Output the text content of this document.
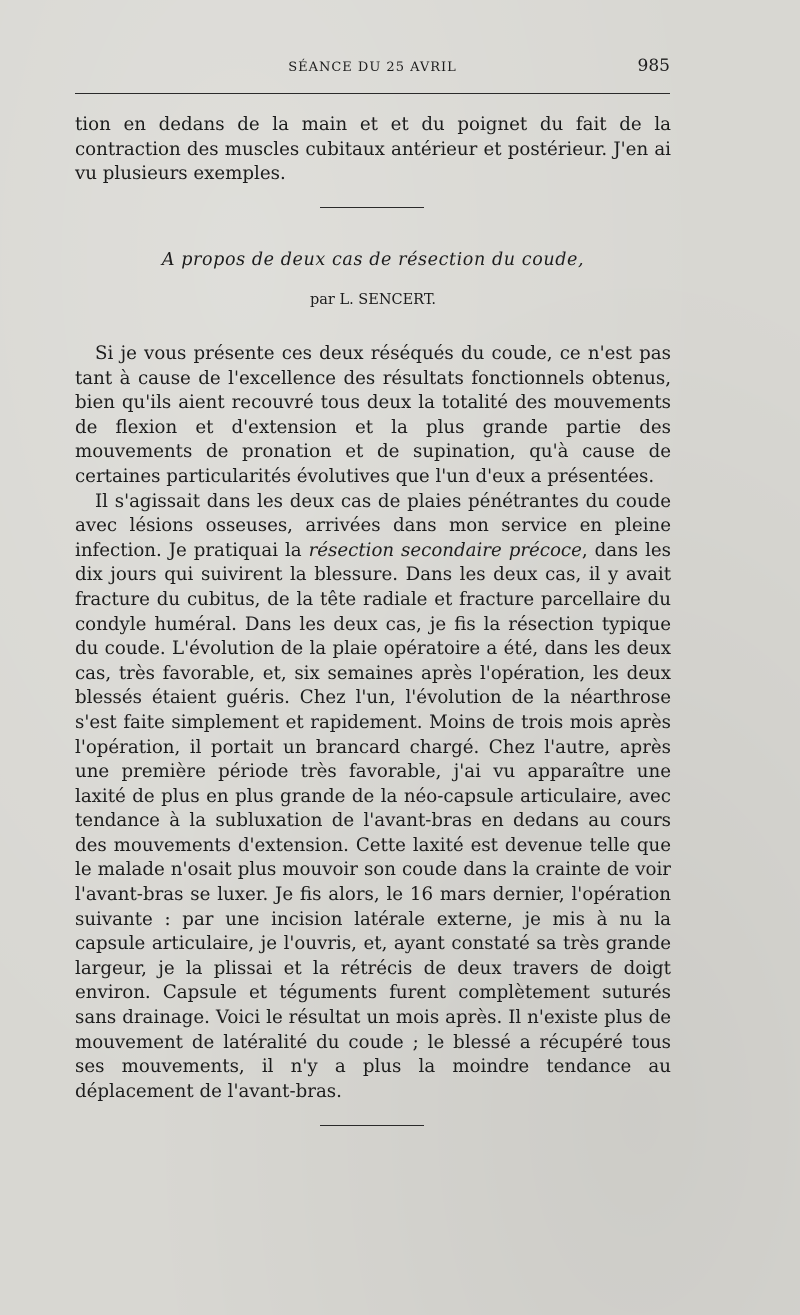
SÉANCE DU 25 AVRIL	985

tion en dedans de la main et et du poignet du fait de la contraction des muscles cubitaux antérieur et postérieur. J'en ai vu plusieurs exemples.

A propos de deux cas de résection du coude,
par L. SENCERT.

Si je vous présente ces deux réséqués du coude, ce n'est pas tant à cause de l'excellence des résultats fonctionnels obtenus, bien qu'ils aient recouvré tous deux la totalité des mouvements de flexion et d'extension et la plus grande partie des mouvements de pronation et de supination, qu'à cause de certaines particularités évolutives que l'un d'eux a présentées.

Il s'agissait dans les deux cas de plaies pénétrantes du coude avec lésions osseuses, arrivées dans mon service en pleine infection. Je pratiquai la résection secondaire précoce, dans les dix jours qui suivirent la blessure. Dans les deux cas, il y avait fracture du cubitus, de la tête radiale et fracture parcellaire du condyle huméral. Dans les deux cas, je fis la résection typique du coude. L'évolution de la plaie opératoire a été, dans les deux cas, très favorable, et, six semaines après l'opération, les deux blessés étaient guéris. Chez l'un, l'évolution de la néarthrose s'est faite simplement et rapidement. Moins de trois mois après l'opération, il portait un brancard chargé. Chez l'autre, après une première période très favorable, j'ai vu apparaître une laxité de plus en plus grande de la néo-capsule articulaire, avec tendance à la subluxation de l'avant-bras en dedans au cours des mouvements d'extension. Cette laxité est devenue telle que le malade n'osait plus mouvoir son coude dans la crainte de voir l'avant-bras se luxer. Je fis alors, le 16 mars dernier, l'opération suivante : par une incision latérale externe, je mis à nu la capsule articulaire, je l'ouvris, et, ayant constaté sa très grande largeur, je la plissai et la rétrécis de deux travers de doigt environ. Capsule et téguments furent complètement suturés sans drainage. Voici le résultat un mois après. Il n'existe plus de mouvement de latéralité du coude ; le blessé a récupéré tous ses mouvements, il n'y a plus la moindre tendance au déplacement de l'avant-bras.
